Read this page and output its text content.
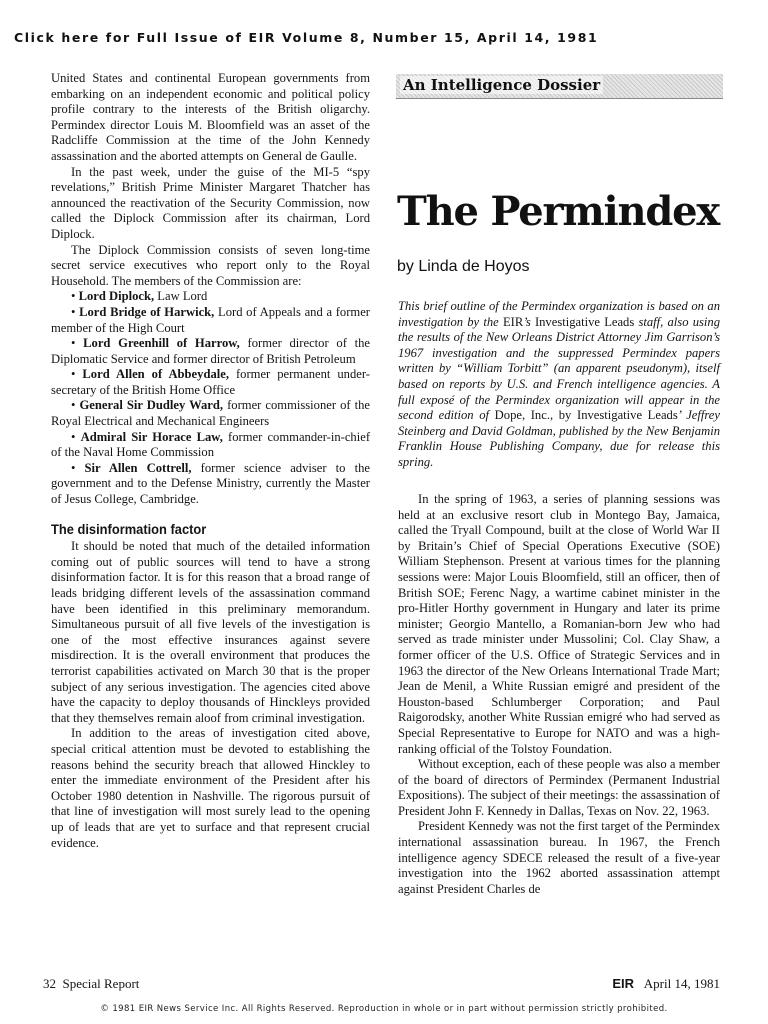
Click here for Full Issue of EIR Volume 8, Number 15, April 14, 1981

United States and continental European governments from embarking on an independent economic and political policy profile contrary to the interests of the British oligarchy. Permindex director Louis M. Bloomfield was an asset of the Radcliffe Commission at the time of the John Kennedy assassination and the aborted attempts on General de Gaulle.

In the past week, under the guise of the MI-5 “spy revelations,” British Prime Minister Margaret Thatcher has announced the reactivation of the Security Commission, now called the Diplock Commission after its chairman, Lord Diplock.

The Diplock Commission consists of seven long-time secret service executives who report only to the Royal Household. The members of the Commission are:

• Lord Diplock, Law Lord

• Lord Bridge of Harwick, Lord of Appeals and a former member of the High Court

• Lord Greenhill of Harrow, former director of the Diplomatic Service and former director of British Petroleum

• Lord Allen of Abbeydale, former permanent under-secretary of the British Home Office

• General Sir Dudley Ward, former commissioner of the Royal Electrical and Mechanical Engineers

• Admiral Sir Horace Law, former commander-in-chief of the Naval Home Commission

• Sir Allen Cottrell, former science adviser to the government and to the Defense Ministry, currently the Master of Jesus College, Cambridge.

The disinformation factor

It should be noted that much of the detailed information coming out of public sources will tend to have a strong disinformation factor. It is for this reason that a broad range of leads bridging different levels of the assassination command have been identified in this preliminary memorandum. Simultaneous pursuit of all five levels of the investigation is one of the most effective insurances against severe misdirection. It is the overall environment that produces the terrorist capabilities activated on March 30 that is the proper subject of any serious investigation. The agencies cited above have the capacity to deploy thousands of Hinckleys provided that they themselves remain aloof from criminal investigation.

In addition to the areas of investigation cited above, special critical attention must be devoted to establishing the reasons behind the security breach that allowed Hinckley to enter the immediate environment of the President after his October 1980 detention in Nashville. The rigorous pursuit of that line of investigation will most surely lead to the opening up of leads that are yet to surface and that represent crucial evidence.

An Intelligence Dossier
The Permindex
by Linda de Hoyos
This brief outline of the Permindex organization is based on an investigation by the EIR’s Investigative Leads staff, also using the results of the New Orleans District Attorney Jim Garrison’s 1967 investigation and the suppressed Permindex papers written by “William Torbitt” (an apparent pseudonym), itself based on reports by U.S. and French intelligence agencies. A full exposé of the Permindex organization will appear in the second edition of Dope, Inc., by Investigative Leads’ Jeffrey Steinberg and David Goldman, published by the New Benjamin Franklin House Publishing Company, due for release this spring.

In the spring of 1963, a series of planning sessions was held at an exclusive resort club in Montego Bay, Jamaica, called the Tryall Compound, built at the close of World War II by Britain’s Chief of Special Operations Executive (SOE) William Stephenson. Present at various times for the planning sessions were: Major Louis Bloomfield, still an officer, then of British SOE; Ferenc Nagy, a wartime cabinet minister in the pro-Hitler Horthy government in Hungary and later its prime minister; Georgio Mantello, a Romanian-born Jew who had served as trade minister under Mussolini; Col. Clay Shaw, a former officer of the U.S. Office of Strategic Services and in 1963 the director of the New Orleans International Trade Mart; Jean de Menil, a White Russian emigré and president of the Houston-based Schlumberger Corporation; and Paul Raigorodsky, another White Russian emigré who had served as Special Representative to Europe for NATO and was a high-ranking official of the Tolstoy Foundation.

Without exception, each of these people was also a member of the board of directors of Permindex (Permanent Industrial Expositions). The subject of their meetings: the assassination of President John F. Kennedy in Dallas, Texas on Nov. 22, 1963.

President Kennedy was not the first target of the Permindex international assassination bureau. In 1967, the French intelligence agency SDECE released the result of a five-year investigation into the 1962 aborted assassination attempt against President Charles de

32 Special Report	EIR April 14, 1981
© 1981 EIR News Service Inc. All Rights Reserved. Reproduction in whole or in part without permission strictly prohibited.
